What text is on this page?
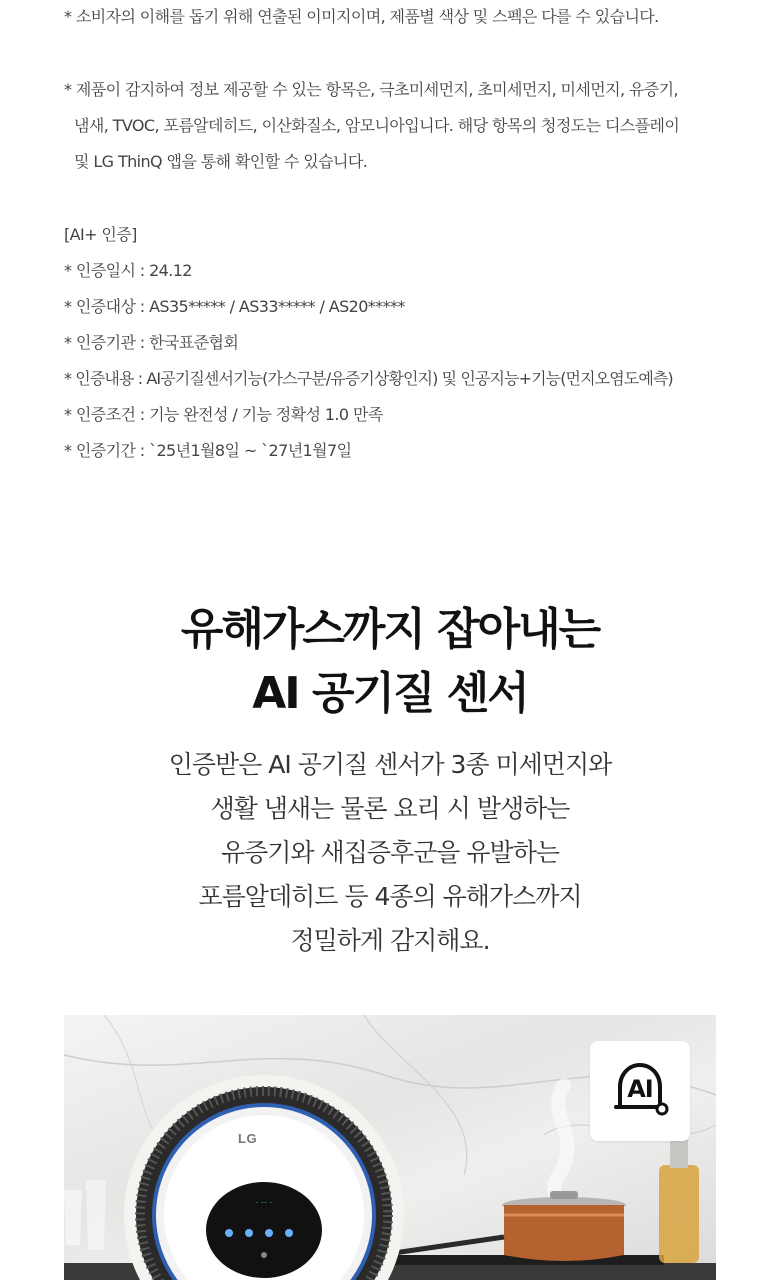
* 소비자의 이해를 돕기 위해 연출된 이미지이며, 제품별 색상 및 스펙은 다를 수 있습니다.
* 제품이 감지하여 정보 제공할 수 있는 항목은, 극초미세먼지, 초미세먼지, 미세먼지, 유증기,
냄새, TVOC, 포름알데히드, 이산화질소, 암모니아입니다. 해당 항목의 청정도는 디스플레이
및 LG ThinQ 앱을 통해 확인할 수 있습니다.
[AI+ 인증]
* 인증일시 : 24.12
* 인증대상 : AS35***** / AS33***** / AS20*****
* 인증기관 : 한국표준협회
* 인증내용 : AI공기질센서기능(가스구분/유증기상황인지) 및 인공지능+기능(먼지오염도예측)
* 인증조건 : 기능 완전성 / 기능 정확성 1.0 만족
* 인증기간 : `25년1월8일 ~ `27년1월7일
유해가스까지 잡아내는
AI 공기질 센서
인증받은 AI 공기질 센서가 3종 미세먼지와
생활 냄새는 물론 요리 시 발생하는
유증기와 새집증후군을 유발하는
포름알데히드 등 4종의 유해가스까지
정밀하게 감지해요.
· ·· ·
LG
AI
